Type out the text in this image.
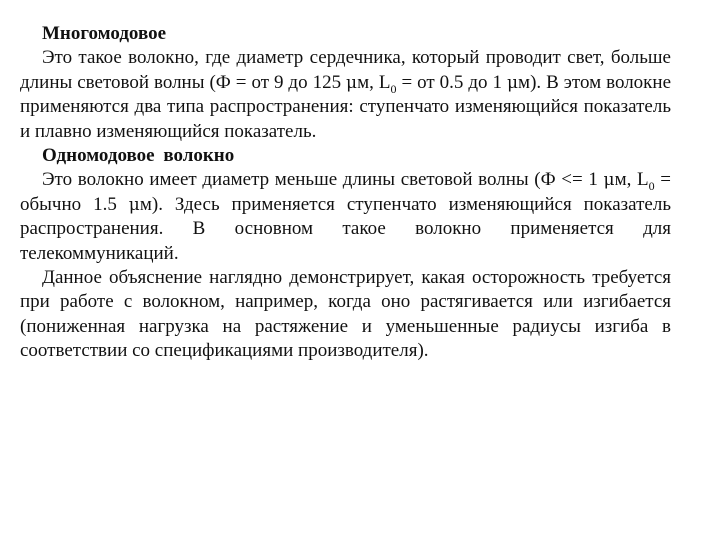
Многомодовое

Это такое волокно, где диаметр сердечника, который проводит свет, больше длины световой волны (Ф = от 9 до 125 μм, $L_0$ = от 0.5 до 1 μм). В этом волокне применяются два типа распространения: ступенчато изменяющийся показатель и плавно изменяющийся показатель.

Одномодовое волокно

Это волокно имеет диаметр меньше длины световой волны (Ф <= 1 μм, $L_0$ = обычно 1.5 μм). Здесь применяется ступенчато изменяющийся показатель распространения. В основном такое волокно применяется для телекоммуникаций.

Данное объяснение наглядно демонстрирует, какая осторожность требуется при работе с волокном, например, когда оно растягивается или изгибается (пониженная нагрузка на растяжение и уменьшенные радиусы изгиба в соответствии со спецификациями производителя).
